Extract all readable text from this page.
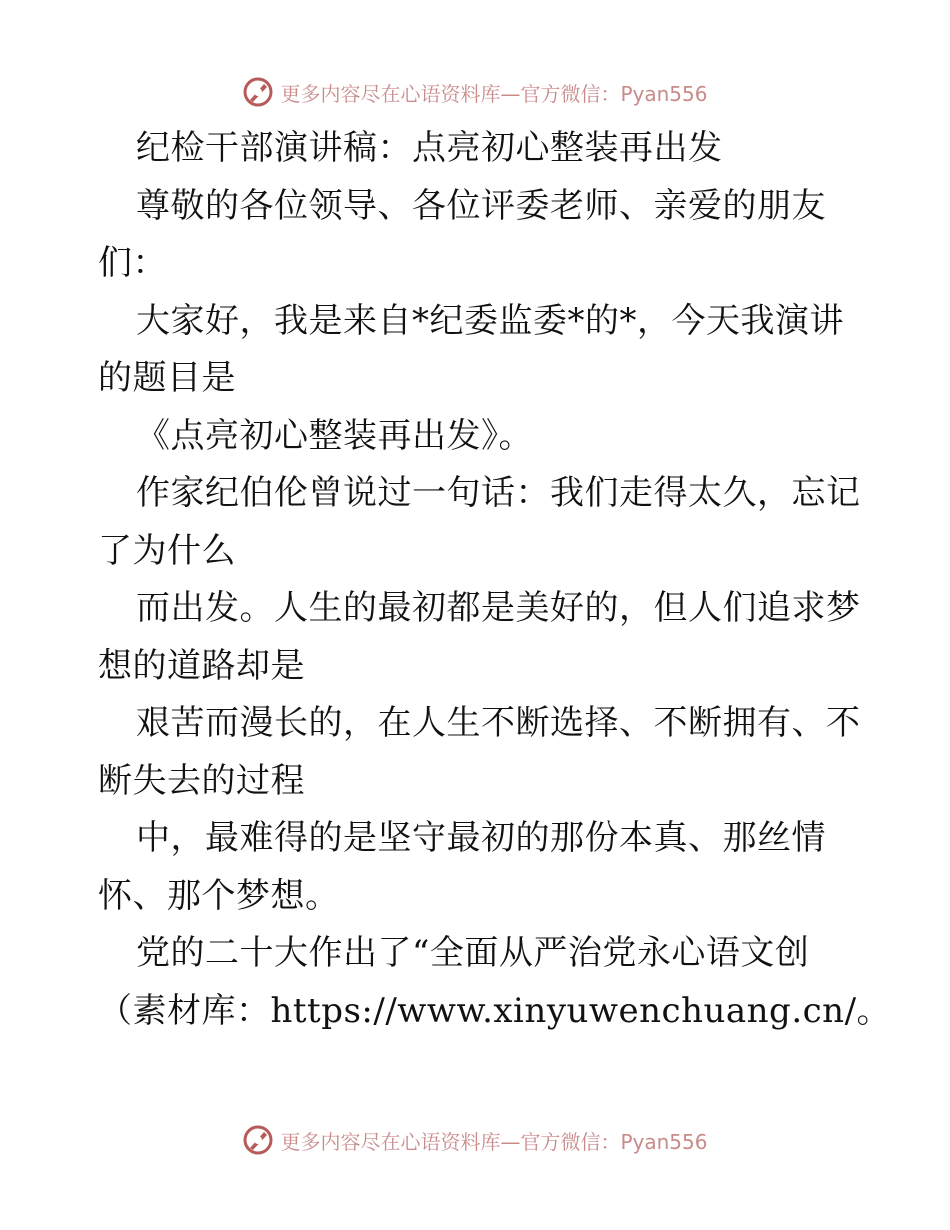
更多内容尽在心语资料库—官方微信：Pyan556
纪检干部演讲稿：点亮初心整装再出发
尊敬的各位领导、各位评委老师、亲爱的朋友
们：
大家好，我是来自*纪委监委*的*，今天我演讲
的题目是
《点亮初心整装再出发》。
作家纪伯伦曾说过一句话：我们走得太久，忘记
了为什么
而出发。人生的最初都是美好的，但人们追求梦
想的道路却是
艰苦而漫长的，在人生不断选择、不断拥有、不
断失去的过程
中，最难得的是坚守最初的那份本真、那丝情
怀、那个梦想。
党的二十大作出了“全面从严治党永心语文创
（素材库：https://www.xinyuwenchuang.cn/。
更多内容尽在心语资料库—官方微信：Pyan556
